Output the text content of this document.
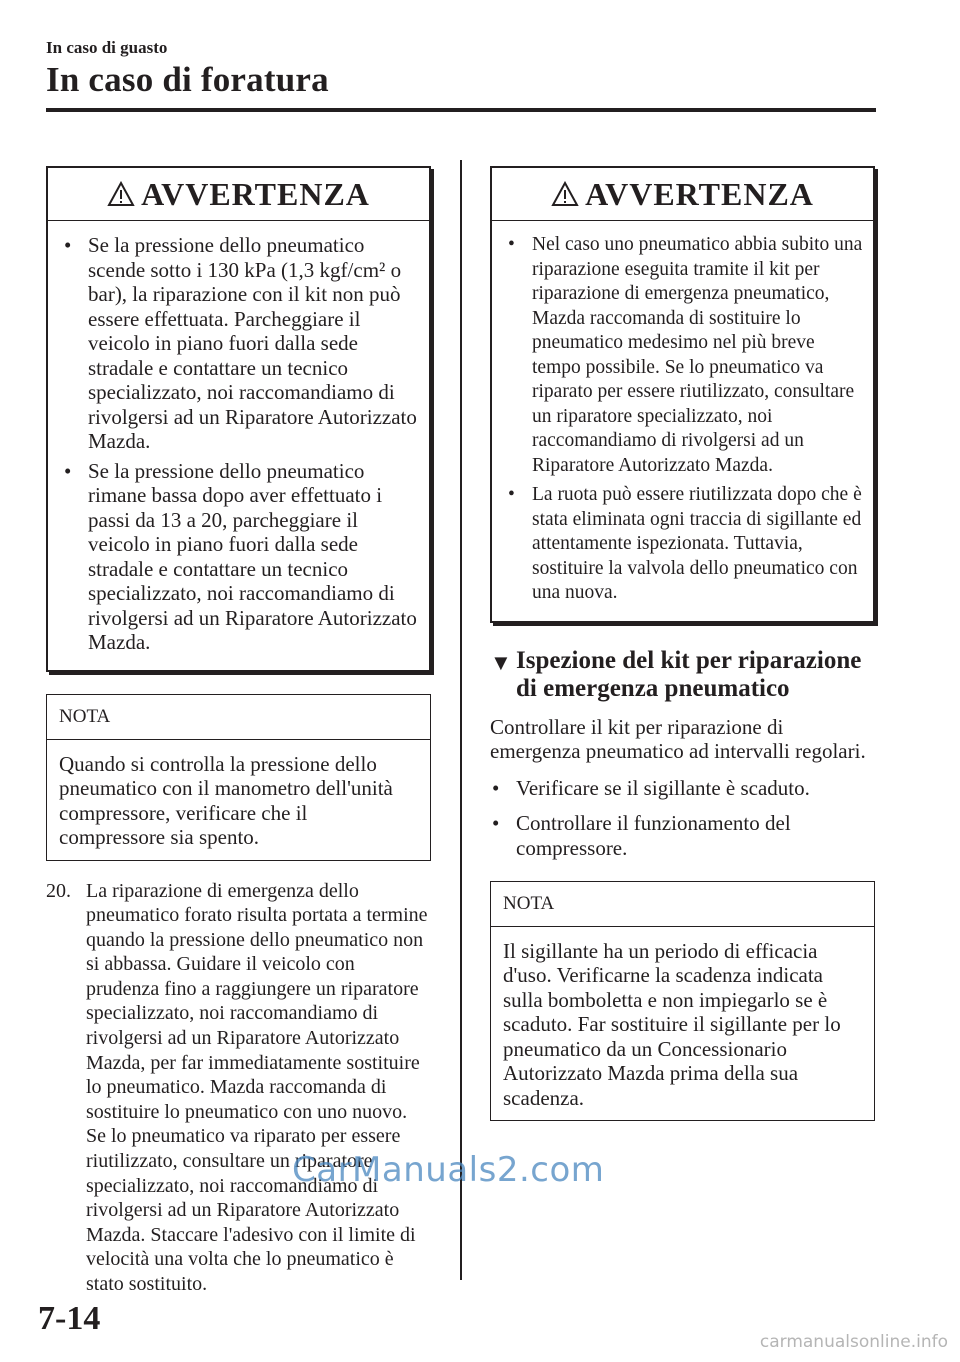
In caso di guasto
In caso di foratura
AVVERTENZA
• Se la pressione dello pneumatico scende sotto i 130 kPa (1,3 kgf/cm² o bar), la riparazione con il kit non può essere effettuata. Parcheggiare il veicolo in piano fuori dalla sede stradale e contattare un tecnico specializzato, noi raccomandiamo di rivolgersi ad un Riparatore Autorizzato Mazda.
• Se la pressione dello pneumatico rimane bassa dopo aver effettuato i passi da 13 a 20, parcheggiare il veicolo in piano fuori dalla sede stradale e contattare un tecnico specializzato, noi raccomandiamo di rivolgersi ad un Riparatore Autorizzato Mazda.
NOTA
Quando si controlla la pressione dello pneumatico con il manometro dell'unità compressore, verificare che il compressore sia spento.
20. La riparazione di emergenza dello pneumatico forato risulta portata a termine quando la pressione dello pneumatico non si abbassa. Guidare il veicolo con prudenza fino a raggiungere un riparatore specializzato, noi raccomandiamo di rivolgersi ad un Riparatore Autorizzato Mazda, per far immediatamente sostituire lo pneumatico. Mazda raccomanda di sostituire lo pneumatico con uno nuovo. Se lo pneumatico va riparato per essere riutilizzato, consultare un riparatore specializzato, noi raccomandiamo di rivolgersi ad un Riparatore Autorizzato Mazda. Staccare l'adesivo con il limite di velocità una volta che lo pneumatico è stato sostituito.
AVVERTENZA
• Nel caso uno pneumatico abbia subito una riparazione eseguita tramite il kit per riparazione di emergenza pneumatico, Mazda raccomanda di sostituire lo pneumatico medesimo nel più breve tempo possibile. Se lo pneumatico va riparato per essere riutilizzato, consultare un riparatore specializzato, noi raccomandiamo di rivolgersi ad un Riparatore Autorizzato Mazda.
• La ruota può essere riutilizzata dopo che è stata eliminata ogni traccia di sigillante ed attentamente ispezionata. Tuttavia, sostituire la valvola dello pneumatico con una nuova.
▼ Ispezione del kit per riparazione di emergenza pneumatico
Controllare il kit per riparazione di emergenza pneumatico ad intervalli regolari.
• Verificare se il sigillante è scaduto.
• Controllare il funzionamento del compressore.
NOTA
Il sigillante ha un periodo di efficacia d'uso. Verificarne la scadenza indicata sulla bomboletta e non impiegarlo se è scaduto. Far sostituire il sigillante per lo pneumatico da un Concessionario Autorizzato Mazda prima della sua scadenza.
CarManuals2.com
7-14
carmanualsonline.info
